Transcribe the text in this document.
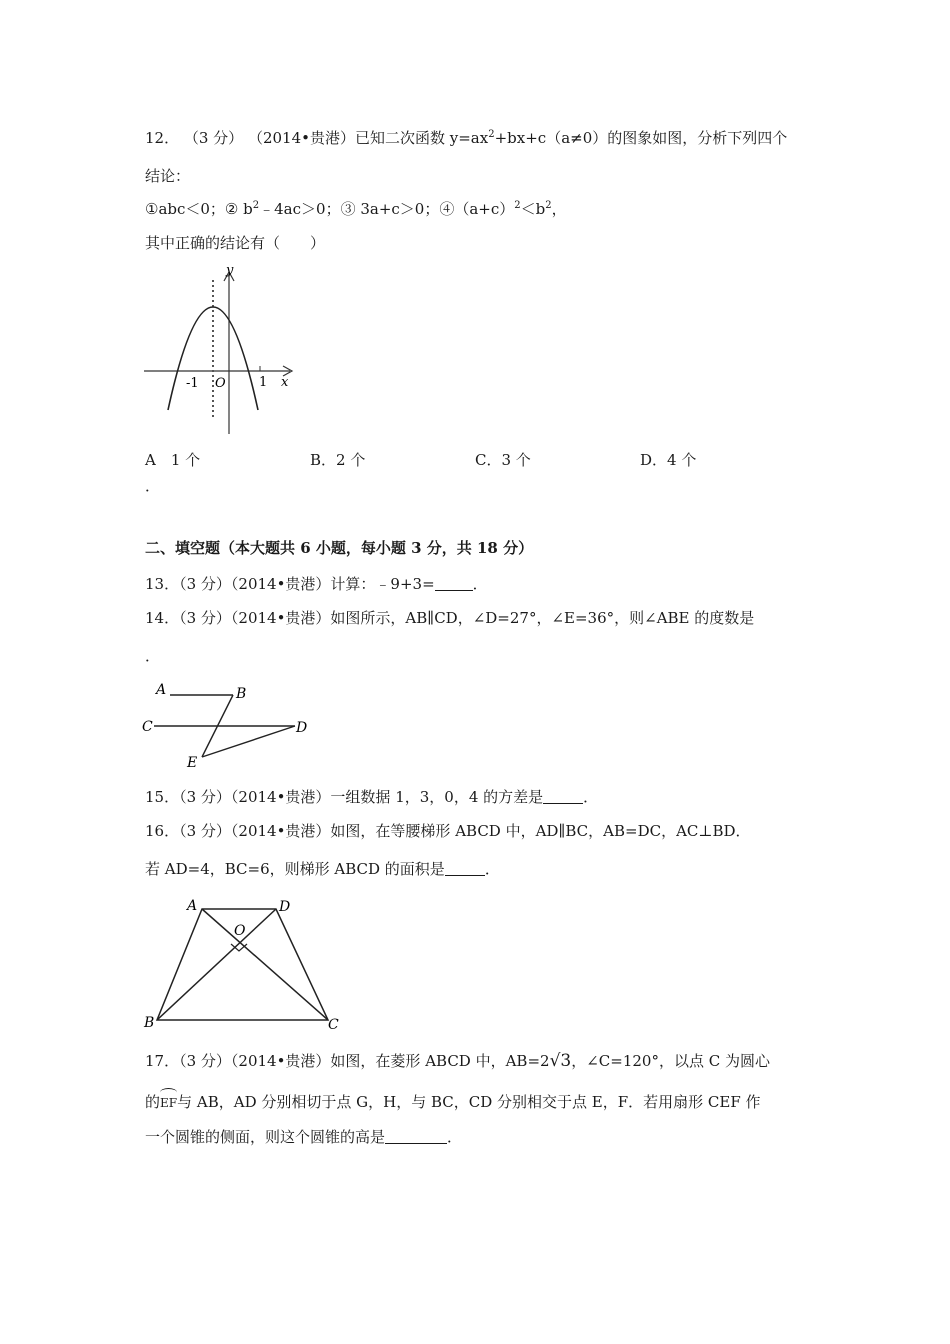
12． （3 分） （2014•贵港）已知二次函数 $y=ax^2+bx+c(a\ne 0)$的图象如图，分析下列四个
结论：
①abc＜0；② $b^2﹣4ac>0$；③ 3a+c＞0；$④(a+c)^2<b^2$，
其中正确的结论有（　　）
y
x
O
-1	1
A　 1 个	B．2 个	C．3 个	D．4 个
．
二、填空题（本大题共 6 小题，每小题 3 分，共 18 分）
13．（3 分）（2014•贵港）计算：﹣9+3=	．
14．（3 分）（2014•贵港）如图所示，AB∥CD，∠D=27°，∠E=36°，则∠ABE 的度数是
．
A	B
C	D
E
15．（3 分）（2014•贵港）一组数据 1，3，0，4 的方差是	．
16．（3 分）（2014•贵港）如图，在等腰梯形 ABCD 中，AD∥BC，AB=DC，AC⊥BD．
若 AD=4，BC=6，则梯形 ABCD 的面积是	．
A	D
O
B	C
17．（3 分）（2014•贵港）如图，在菱形 ABCD 中，AB=2√3，∠C=120°，以点 C 为圆心
的EF与 AB，AD 分别相切于点 G，H，与 BC，CD 分别相交于点 E，F．若用扇形 CEF 作
一个圆锥的侧面，则这个圆锥的高是	．
